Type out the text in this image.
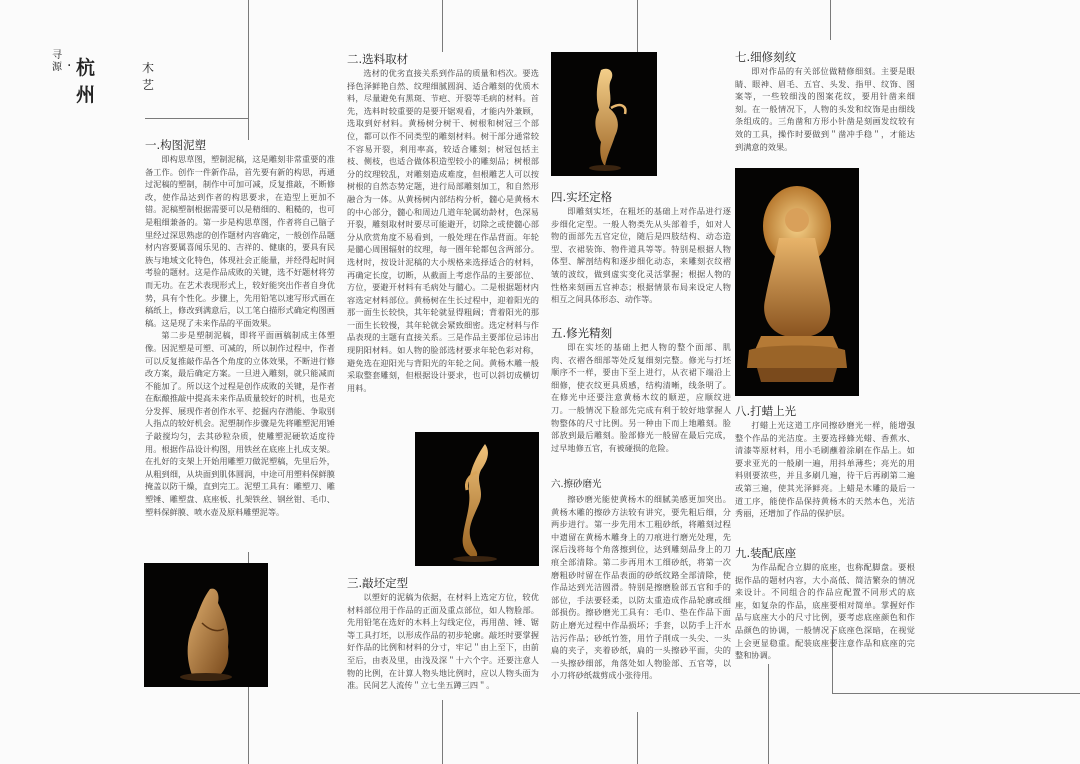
寻源 · 杭州
木艺
一.构图泥塑

即构思草图，塑制泥稿，这是雕刻非常重要的准备工作。创作一件新作品，首先要有新的构思，再通过泥稿的塑制，制作中可加可减，反复推敲，不断修改，使作品达到作者的构思要求，在造型上更加不错。泥稿塑制根据需要可以是精细的、粗糙的，也可是粗细兼备的。第一步是构思草图，作者将自己脑子里经过深思熟虑的创作题材内容确定，一般创作品题材内容要属喜闻乐见的、吉祥的、健康的，要具有民族与地域文化特色，体现社会正能量，并经得起时间考验的题材。这是作品成败的关键，选不好题材将劳而无功。在艺术表现形式上，较好能突出作者自身优势，具有个性化。步骤上，先用铅笔以速写形式画在稿纸上，修改到满意后，以工笔白描形式确定构图画稿。这是现了未来作品的平面效果。

第二步是塑制泥稿，即将平面画稿制成主体塑像。因泥塑是可塑、可减的，所以制作过程中，作者可以反复推敲作品各个角度的立体效果，不断进行修改方案，最后确定方案。一旦进入雕刻，就只能减而不能加了。所以这个过程是创作成败的关键，是作者在酝酿推敲中提高未来作品质量较好的时机，也是充分发挥、展现作者创作水平、挖掘内存潜能、争取别人指点的较好机会。泥塑制作步骤是先将雕塑泥用锤子敲搅均匀，去其砂粒杂质，使雕塑泥硬软适度待用。根据作品设计构图，用铁丝在底座上扎成支架。在扎好的支架上开始用雕塑刀做泥塑稿，先里后外，从粗到细，从块面到肌体圆润，中途可用塑料保鲜膜掩盖以防干燥，直到完工。泥塑工具有：雕塑刀、雕塑锤、雕塑盘、底座板、扎架铁丝、钢丝钳、毛巾、塑料保鲜膜、喷水壶及原料雕塑泥等。

二.选料取材

选材的优劣直接关系到作品的质量和档次。要选择色泽鲜艳自然、纹理细腻圆润、适合雕刻的优质木料，尽量避免有黑斑、节疤、开裂等毛病的材料。首先，选料时较重要的是要开锯观看，才能内外兼顾，选取到好材料。黄杨树分树干、树根和树冠三个部位，都可以作不同类型的雕刻材料。树干部分通常较不容易开裂，利用率高，较适合雕刻；树冠包括主枝、侧枝，也适合做体积造型较小的雕刻品；树根部分的纹理较乱，对雕刻造成难度，但根雕艺人可以按树根的自然态势定题，进行局部雕刻加工，和自然形融合为一体。从黄杨树内部结构分析，髓心是黄杨木的中心部分，髓心和周边几道年轮属幼龄材，色深易开裂，雕刻取材时要尽可能避开，切除之或使髓心部分从欣赏角度不易看到，一般处理在作品背面。年轮是髓心周围辐射的纹理，每一圈年轮都包含两部分。选材时，按设计泥稿的大小规格来选择适合的材料，再确定长度，切断，从截面上考虑作品的主要部位、方位，要避开材料有毛病处与髓心。二是根据题材内容选定材料部位。黄杨树在生长过程中，迎着阳光的那一面生长较快，其年轮就显得粗阔；背着阳光的那一面生长较慢，其年轮就会紧致细密。选定材料与作品表现的主题有直接关系。三是作品主要部位忌讳出现阴阳材料。如人物的脸部选材要求年轮色彩对称，避免选在迎阳光与背阳光的年轮之间。黄杨木雕一般采取整套雕刻，但根据设计要求，也可以斜切成横切用料。

三.敲坯定型

以塑好的泥稿为依据，在材料上选定方位，较优材料部位用于作品的正面及重点部位，如人物脸部。先用铅笔在选好的木料上勾线定位，再用凿、锤、锯等工具打坯，以形成作品的初步轮廓。敲坯时要掌握好作品的比例和材料的分寸，牢记＂由上至下，由前至后，由表及里，由浅及深＂十六个字。还要注意人物的比例，在计算人物头地比例时，应以人物头面为准。民间艺人流传＂立七坐五蹲三四＂。

四.实坯定格

即雕刻实坯，在粗坯的基础上对作品进行逐步细化定型。一般人物类先从头部着手，如对人物的面部先五官定位，随后是四肢结构、动态造型、衣裙装饰、物件道具等等。特别是根据人物体型、解剖结构和逐步细化动态，来雕刻衣纹褶皱的波纹，做到虚实变化灵活掌握；根据人物的性格来刻画五官神态；根据情景布局来设定人物相互之间具体形态、动作等。

五.修光精刻

即在实坯的基础上把人物的整个面部、肌肉、衣褶各细部等处反复细刻完整。修光与打坯顺序不一样，要由下至上进行，从衣裙下端沿上细修，使衣纹更具质感，结构清晰，线条明了。在修光中还要注意黄杨木纹的顺逆，应顺纹进刀。一般情况下脸部先完成有利于较好地掌握人物整体的尺寸比例。另一种由下而上地雕刻。脸部放到最后雕刻。脸部修光一般留在最后完成，过早地修五官，有被碰损的危险。

六.擦砂磨光

擦砂磨光能使黄杨木的细腻美感更加突出。黄杨木雕的擦砂方法较有讲究，要先粗后细，分两步进行。第一步先用木工粗砂纸，将雕刻过程中遗留在黄杨木雕身上的刀痕进行磨光处理，先深后浅将每个角落擦到位，达到雕刻品身上的刀痕全部清除。第二步再用木工细砂纸，将第一次磨粗砂时留在作品表面的砂纸纹路全部清除，使作品达到光洁圆滑。特别是擦磨脸部五官和手的部位，手法要轻柔，以防太重造成作品轮廓或细部损伤。擦砂磨光工具有：毛巾、垫在作品下面防止磨光过程中作品损坏；手套，以防手上汗水沾污作品；砂纸竹签，用竹子削成一头尖、一头扁的夹子，夹着砂纸，扁的一头擦砂平面，尖的一头擦砂细部，角落处如人物脸部、五官等，以小刀将砂纸裁剪成小张待用。

七.细修刻纹

即对作品的有关部位做精修细刻。主要是眼睛、眼神、眉毛、五官、头发、指甲、纹饰、图案等，一些较细浅的图案花纹，要用针凿来细刻。在一般情况下，人物的头发和纹饰是由细线条组成的。三角凿和方形小针凿是刻画发纹较有效的工具，操作时要做到＂凿冲手稳＂，才能达到满意的效果。

八.打蜡上光

打蜡上光这道工序同擦砂磨光一样，能增强整个作品的光洁度。主要选择蜂光蜡、香蕉水、清漆等原材料，用小毛刷蘸着涂刷在作品上。如要求亚光的一般刷一遍，用抖单薄些；亮光的用料则要浓些，并且多刷几遍，待干后再刷第二遍或第三遍，使其光泽鲜亮。上蜡是木雕的最后一道工序，能使作品保持黄杨木的天然本色，光洁秀丽，还增加了作品的保护层。

九.装配底座

为作品配合立脚的底座，也称配脚盘。要根据作品的题材内容，大小高低、简洁繁杂的情况来设计。不同组合的作品应配置不同形式的底座，如复杂的作品，底座要相对简单。掌握好作品与底座大小的尺寸比例，要考虑底座颜色和作品颜色的协调，一般情况下底座色深暗，在视觉上会更显稳重。配装底座要注意作品和底座的完整和协调。
